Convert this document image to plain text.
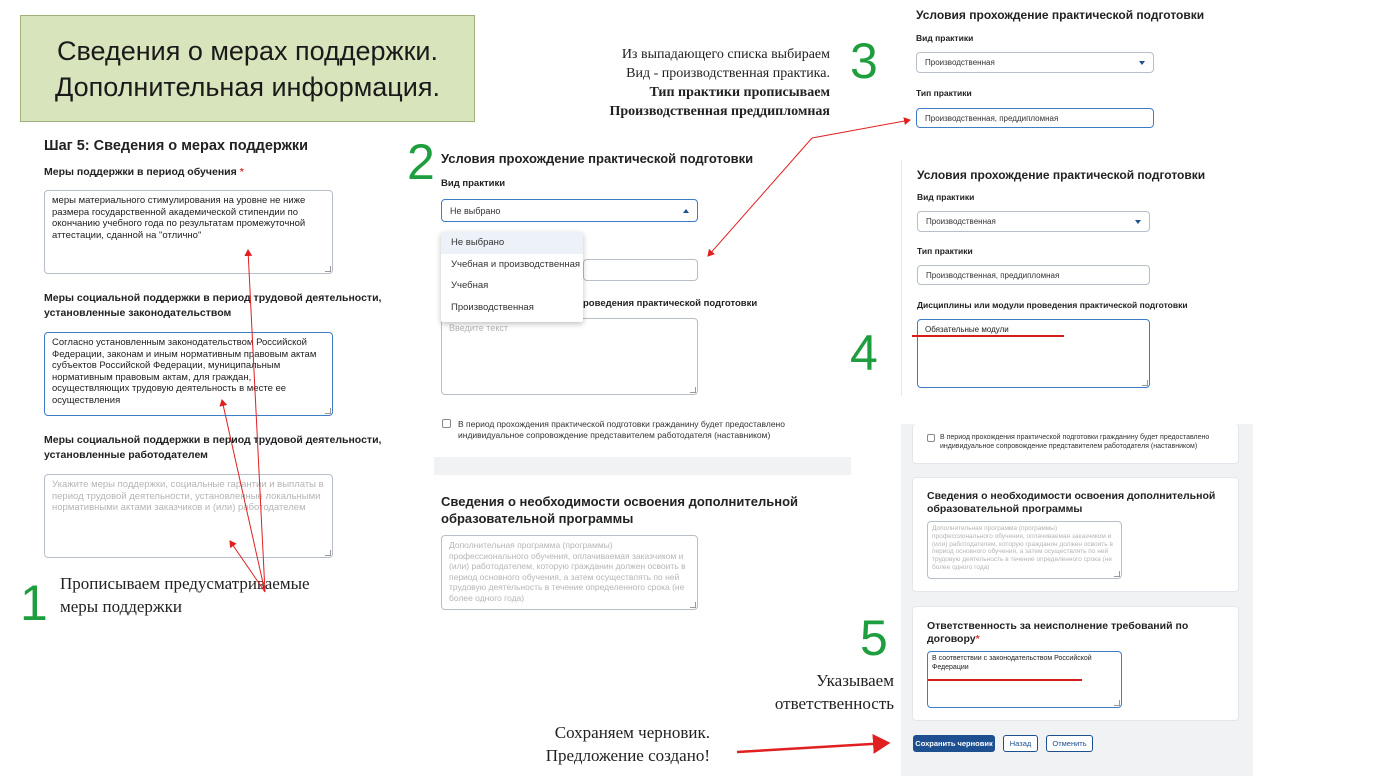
Сведения о мерах поддержки.
Дополнительная информация.
Шаг 5: Сведения о мерах поддержки
Меры поддержки в период обучения *
меры материального стимулирования на уровне не ниже размера государственной академической стипендии по окончанию учебного года по результатам промежуточной аттестации, сданной на "отлично"
Меры социальной поддержки в период трудовой деятельности, установленные законодательством
Согласно установленным законодательством Российской Федерации, законам и иным нормативным правовым актам субъектов Российской Федерации, муниципальным нормативным правовым актам, для граждан, осуществляющих трудовую деятельность в месте ее осуществления
Меры социальной поддержки в период трудовой деятельности, установленные работодателем
Укажите меры поддержки, социальные гарантии и выплаты в период трудовой деятельности, установленные локальными нормативными актами заказчиков и (или) работодателем
Условия прохождение практической подготовки
Вид практики
Не выбрано
роведения практической подготовки
Введите текст
Не выбрано
Учебная и производственная
Учебная
Производственная
В период прохождения практической подготовки гражданину будет предоставлено индивидуальное сопровождение представителем работодателя (наставником)
Сведения о необходимости освоения дополнительной образовательной программы
Дополнительная программа (программы) профессионального обучения, оплачиваемая заказчиком и (или) работодателем, которую гражданин должен освоить в период основного обучения, а затем осуществлять по ней трудовую деятельность в течение определенного срока (не более одного года)
Условия прохождение практической подготовки
Вид практики
Производственная
Тип практики
Производственная, преддипломная
Условия прохождение практической подготовки
Вид практики
Производственная
Тип практики
Производственная, преддипломная
Дисциплины или модули проведения практической подготовки
Обязательные модули
В период прохождения практической подготовки гражданину будет предоставлено индивидуальное сопровождение представителем работодателя (наставником)
Сведения о необходимости освоения дополнительной образовательной программы
Дополнительная программа (программы) профессионального обучения, оплачиваемая заказчиком и (или) работодателем, которую гражданин должен освоить в период основного обучения, а затем осуществлять по ней трудовую деятельность в течение определенного срока (не более одного года)
Ответственность за неисполнение требований по договору*
В соответствии с законодательством Российской Федерации
Сохранить черновик	Назад	Отменить
1
2
3
4
5
Прописываем предусматриваемые меры поддержки
Из выпадающего списка выбираем
Вид - производственная практика.
Тип практики прописываем
Производственная преддипломная
Указываем
ответственность
Сохраняем черновик.
Предложение создано!
